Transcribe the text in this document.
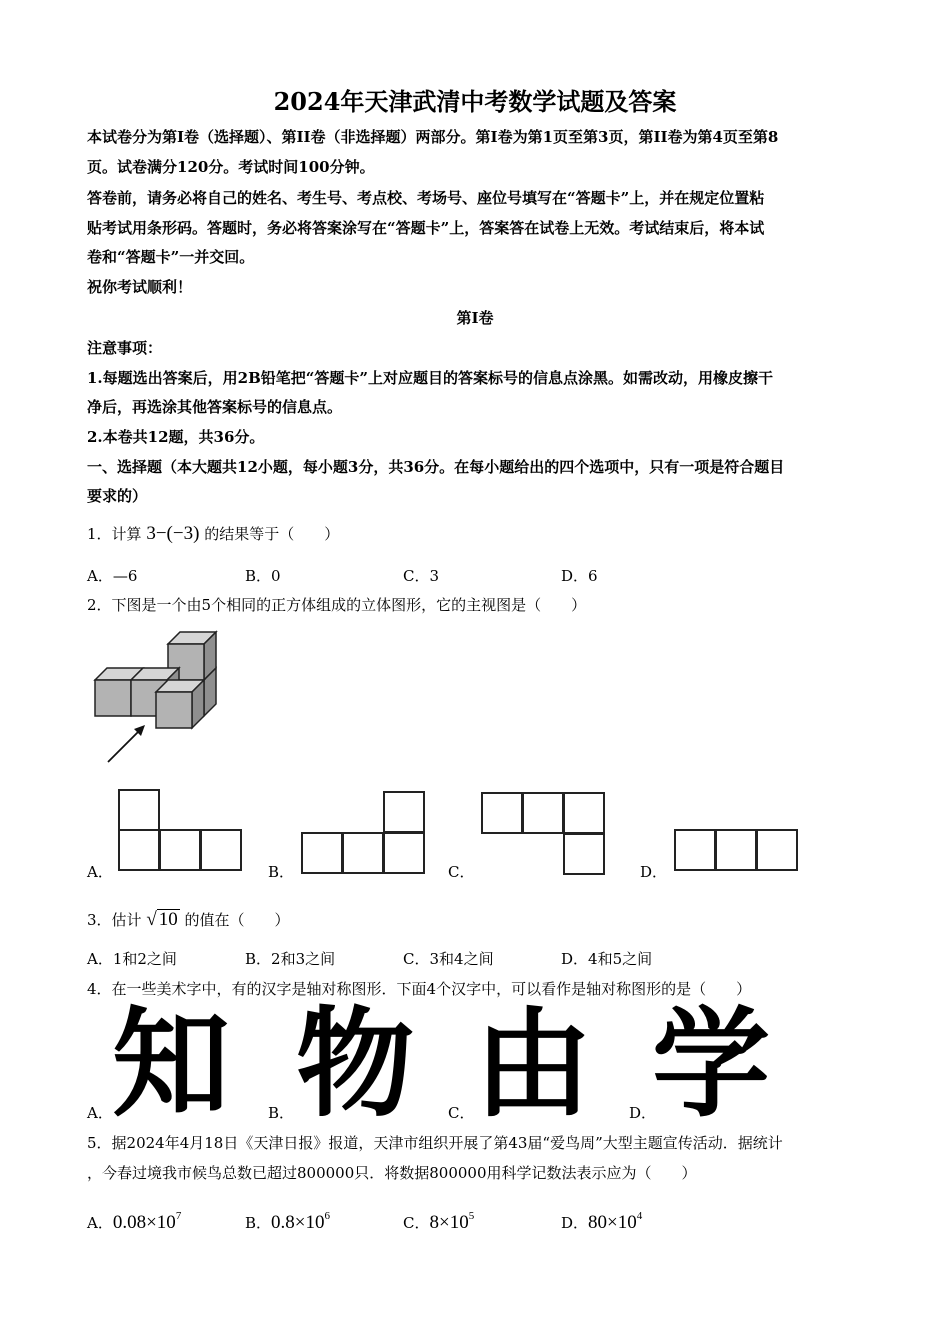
2024年天津武清中考数学试题及答案
本试卷分为第I卷（选择题）、第II卷（非选择题）两部分。第I卷为第1页至第3页，第II卷为第4页至第8
页。试卷满分120分。考试时间100分钟。
答卷前，请务必将自己的姓名、考生号、考点校、考场号、座位号填写在“答题卡”上，并在规定位置粘
贴考试用条形码。答题时，务必将答案涂写在“答题卡”上，答案答在试卷上无效。考试结束后，将本试
卷和“答题卡”一并交回。
祝你考试顺利！
第I卷
注意事项：
1.每题选出答案后，用2B铅笔把“答题卡”上对应题目的答案标号的信息点涂黑。如需改动，用橡皮擦干
净后，再选涂其他答案标号的信息点。
2.本卷共12题，共36分。
一、选择题（本大题共12小题，每小题3分，共36分。在每小题给出的四个选项中，只有一项是符合题目
要求的）
1．计算 3−(−3) 的结果等于（　　）
A．—6	B．0	C．3	D．6
2．下图是一个由5个相同的正方体组成的立体图形，它的主视图是（　　）
A．	B．	C．	D．
3．估计 √ 10 的值在（　　）
A．1和2之间	B．2和3之间	C．3和4之间	D．4和5之间
4．在一些美术字中，有的汉字是轴对称图形．下面4个汉字中，可以看作是轴对称图形的是（　　）
A． 知	B． 物 C． 由 D．
学
5．据2024年4月18日《天津日报》报道，天津市组织开展了第43届“爱鸟周”大型主题宣传活动．据统计
，今春过境我市候鸟总数已超过800000只．将数据800000用科学记数法表示应为（　　）
A．$0.08\times 10^7$	B．$0.8\times 10^6$	C．$8\times 10^5$	D．$80\times 10^4$
